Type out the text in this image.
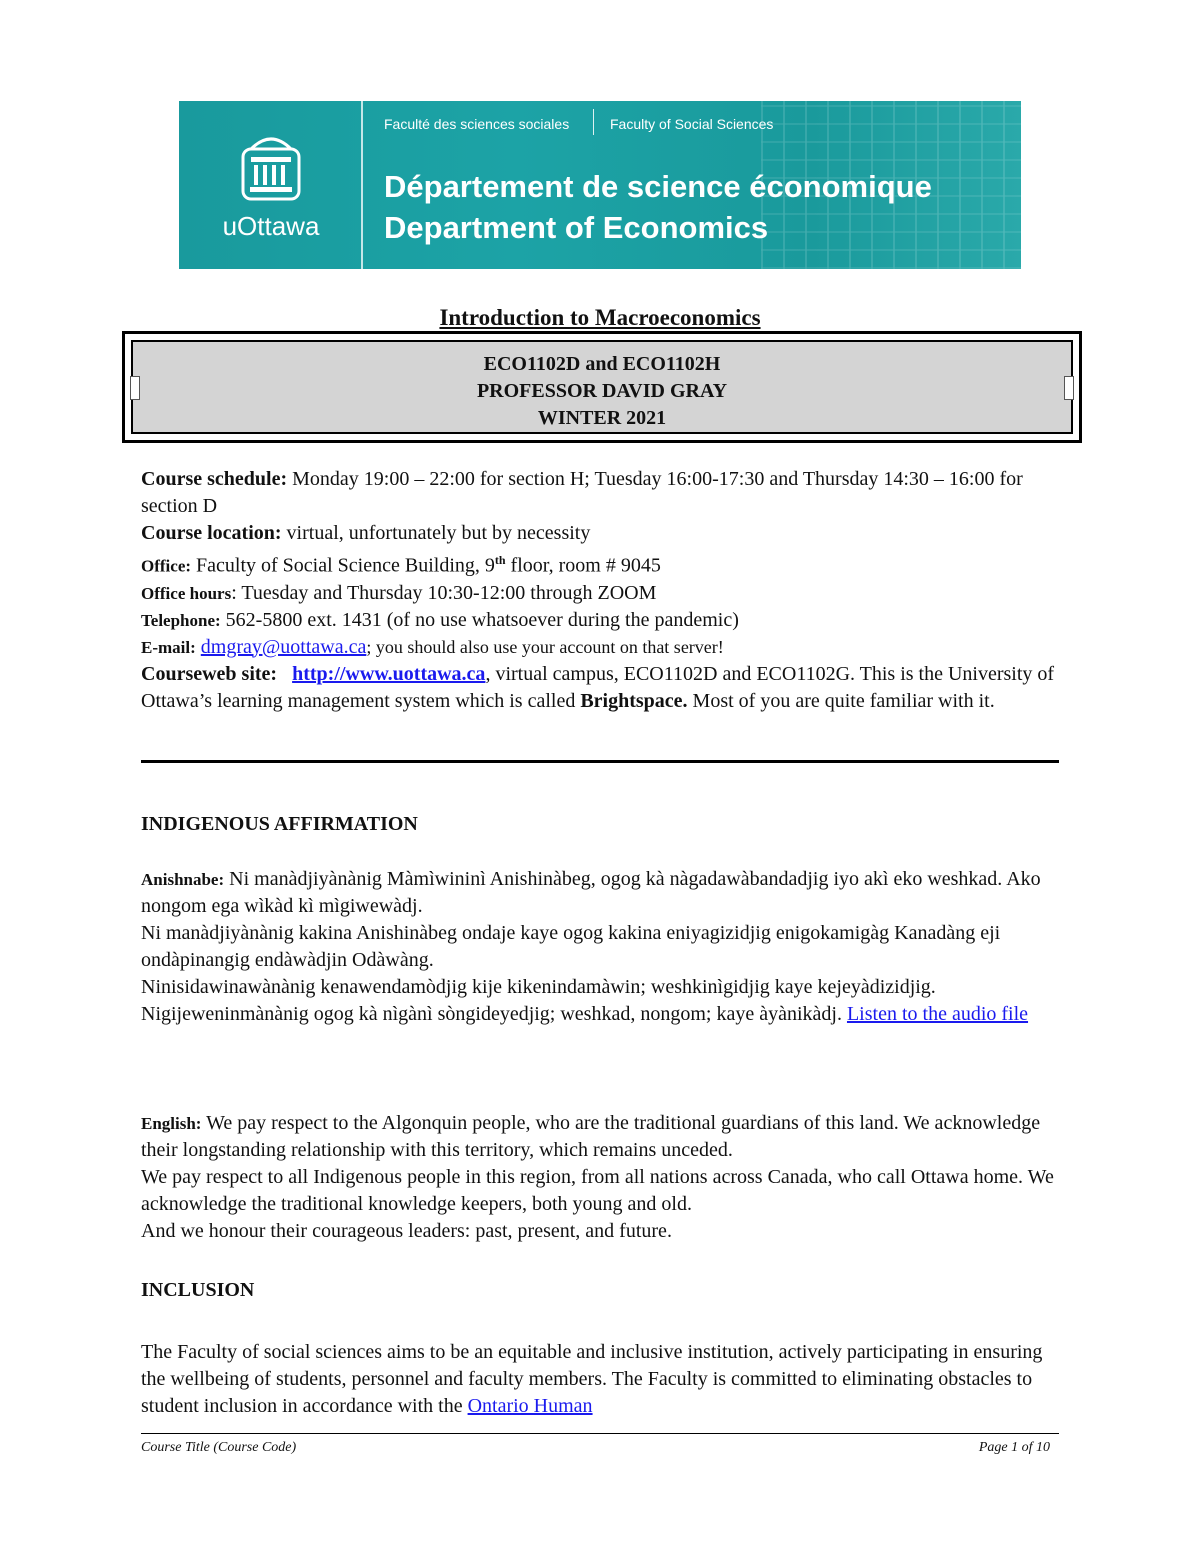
uOttawa
Faculté des sciences sociales	Faculty of Social Sciences
Département de science économique
Department of Economics
Introduction to Macroeconomics
ECO1102D and ECO1102H
PROFESSOR DAVID GRAY
WINTER 2021

Course schedule: Monday 19:00 – 22:00 for section H; Tuesday 16:00-17:30 and Thursday 14:30 – 16:00 for section D

Course location: virtual, unfortunately but by necessity

Office: Faculty of Social Science Building, 9th floor, room # 9045

Office hours: Tuesday and Thursday 10:30-12:00 through ZOOM

Telephone: 562-5800 ext. 1431 (of no use whatsoever during the pandemic)

E-mail: dmgray@uottawa.ca; you should also use your account on that server!

Courseweb site: http://www.uottawa.ca, virtual campus, ECO1102D and ECO1102G. This is the University of Ottawa’s learning management system which is called Brightspace. Most of you are quite familiar with it.

INDIGENOUS AFFIRMATION

Anishnabe: Ni manàdjiyànànig Màmìwininì Anishinàbeg, ogog kà nàgadawàbandadjig iyo akì eko weshkad. Ako nongom ega wìkàd kì mìgiwewàdj.

Ni manàdjiyànànig kakina Anishinàbeg ondaje kaye ogog kakina eniyagizidjig enigokamigàg Kanadàng eji ondàpinangig endàwàdjin Odàwàng.

Ninisidawinawànànig kenawendamòdjig kije kikenindamàwin; weshkinìgidjig kaye kejeyàdizidjig.

Nigijeweninmànànig ogog kà nìgànì sòngideyedjig; weshkad, nongom; kaye àyànikàdj. Listen to the audio file

English: We pay respect to the Algonquin people, who are the traditional guardians of this land. We acknowledge their longstanding relationship with this territory, which remains unceded.

We pay respect to all Indigenous people in this region, from all nations across Canada, who call Ottawa home. We acknowledge the traditional knowledge keepers, both young and old.

And we honour their courageous leaders: past, present, and future.

INCLUSION

The Faculty of social sciences aims to be an equitable and inclusive institution, actively participating in ensuring the wellbeing of students, personnel and faculty members. The Faculty is committed to eliminating obstacles to student inclusion in accordance with the Ontario Human

Course Title (Course Code)	Page 1 of 10
